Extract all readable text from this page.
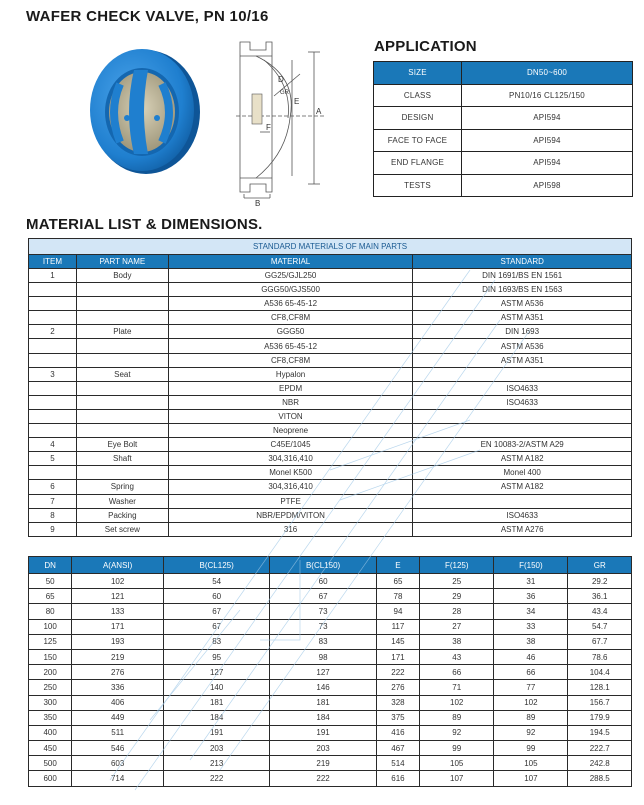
WAFER CHECK VALVE, PN 10/16
D
E
A
B
F
GR
APPLICATION
SIZE	DN50~600
CLASS	PN10/16 CL125/150
DESIGN	API594
FACE TO FACE	API594
END FLANGE	API594
TESTS	API598
MATERIAL LIST & DIMENSIONS.
STANDARD MATERIALS OF MAIN PARTS			
ITEM	PART NAME	MATERIAL	STANDARD
1	Body	GG25/GJL250	DIN 1691/BS EN 1561
		GGG50/GJS500	DIN 1693/BS EN 1563
		A536 65-45-12	ASTM A536
		CF8,CF8M	ASTM A351
2	Plate	GGG50	DIN 1693
		A536 65-45-12	ASTM A536
		CF8,CF8M	ASTM A351
3	Seat	Hypalon	
		EPDM	ISO4633
		NBR	ISO4633
		VITON	
		Neoprene	
4	Eye Bolt	C45E/1045	EN 10083-2/ASTM A29
5	Shaft	304,316,410	ASTM A182
		Monel K500	Monel 400
6	Spring	304,316,410	ASTM A182
7	Washer	PTFE	
8	Packing	NBR/EPDM/VITON	ISO4633
9	Set screw	316	ASTM A276
DN	A(ANSI)	B(CL125)	B(CL150)	E	F(125)	F(150)	GR
50	102	54	60	65	25	31	29.2
65	121	60	67	78	29	36	36.1
80	133	67	73	94	28	34	43.4
100	171	67	73	117	27	33	54.7
125	193	83	83	145	38	38	67.7
150	219	95	98	171	43	46	78.6
200	276	127	127	222	66	66	104.4
250	336	140	146	276	71	77	128.1
300	406	181	181	328	102	102	156.7
350	449	184	184	375	89	89	179.9
400	511	191	191	416	92	92	194.5
450	546	203	203	467	99	99	222.7
500	603	213	219	514	105	105	242.8
600	714	222	222	616	107	107	288.5
